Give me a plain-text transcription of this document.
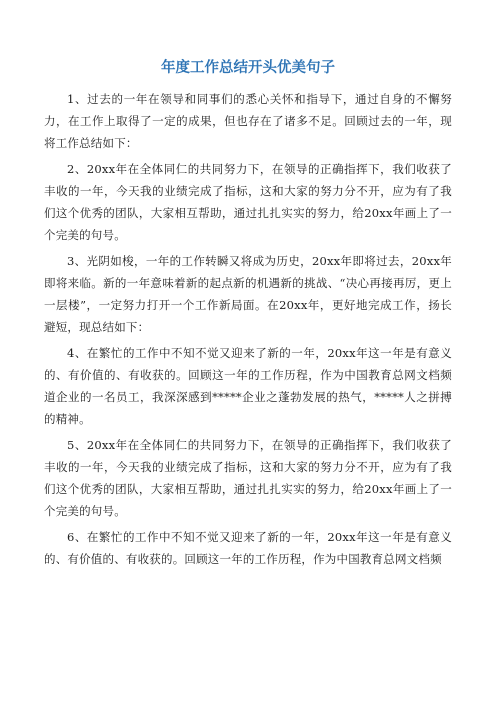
年度工作总结开头优美句子

1、过去的一年在领导和同事们的悉心关怀和指导下，通过自身的不懈努力，在工作上取得了一定的成果，但也存在了诸多不足。回顾过去的一年，现将工作总结如下：

2、20xx年在全体同仁的共同努力下，在领导的正确指挥下，我们收获了丰收的一年，今天我的业绩完成了指标，这和大家的努力分不开，应为有了我们这个优秀的团队，大家相互帮助，通过扎扎实实的努力，给20xx年画上了一个完美的句号。

3、光阴如梭，一年的工作转瞬又将成为历史，20xx年即将过去，20xx年即将来临。新的一年意味着新的起点新的机遇新的挑战、“决心再接再厉，更上一层楼”，一定努力打开一个工作新局面。在20xx年，更好地完成工作，扬长避短，现总结如下：

4、在繁忙的工作中不知不觉又迎来了新的一年，20xx年这一年是有意义的、有价值的、有收获的。回顾这一年的工作历程，作为中国教育总网文档频道企业的一名员工，我深深感到*****企业之蓬勃发展的热气，*****人之拼搏的精神。

5、20xx年在全体同仁的共同努力下，在领导的正确指挥下，我们收获了丰收的一年，今天我的业绩完成了指标，这和大家的努力分不开，应为有了我们这个优秀的团队，大家相互帮助，通过扎扎实实的努力，给20xx年画上了一个完美的句号。

6、在繁忙的工作中不知不觉又迎来了新的一年，20xx年这一年是有意义的、有价值的、有收获的。回顾这一年的工作历程，作为中国教育总网文档频
